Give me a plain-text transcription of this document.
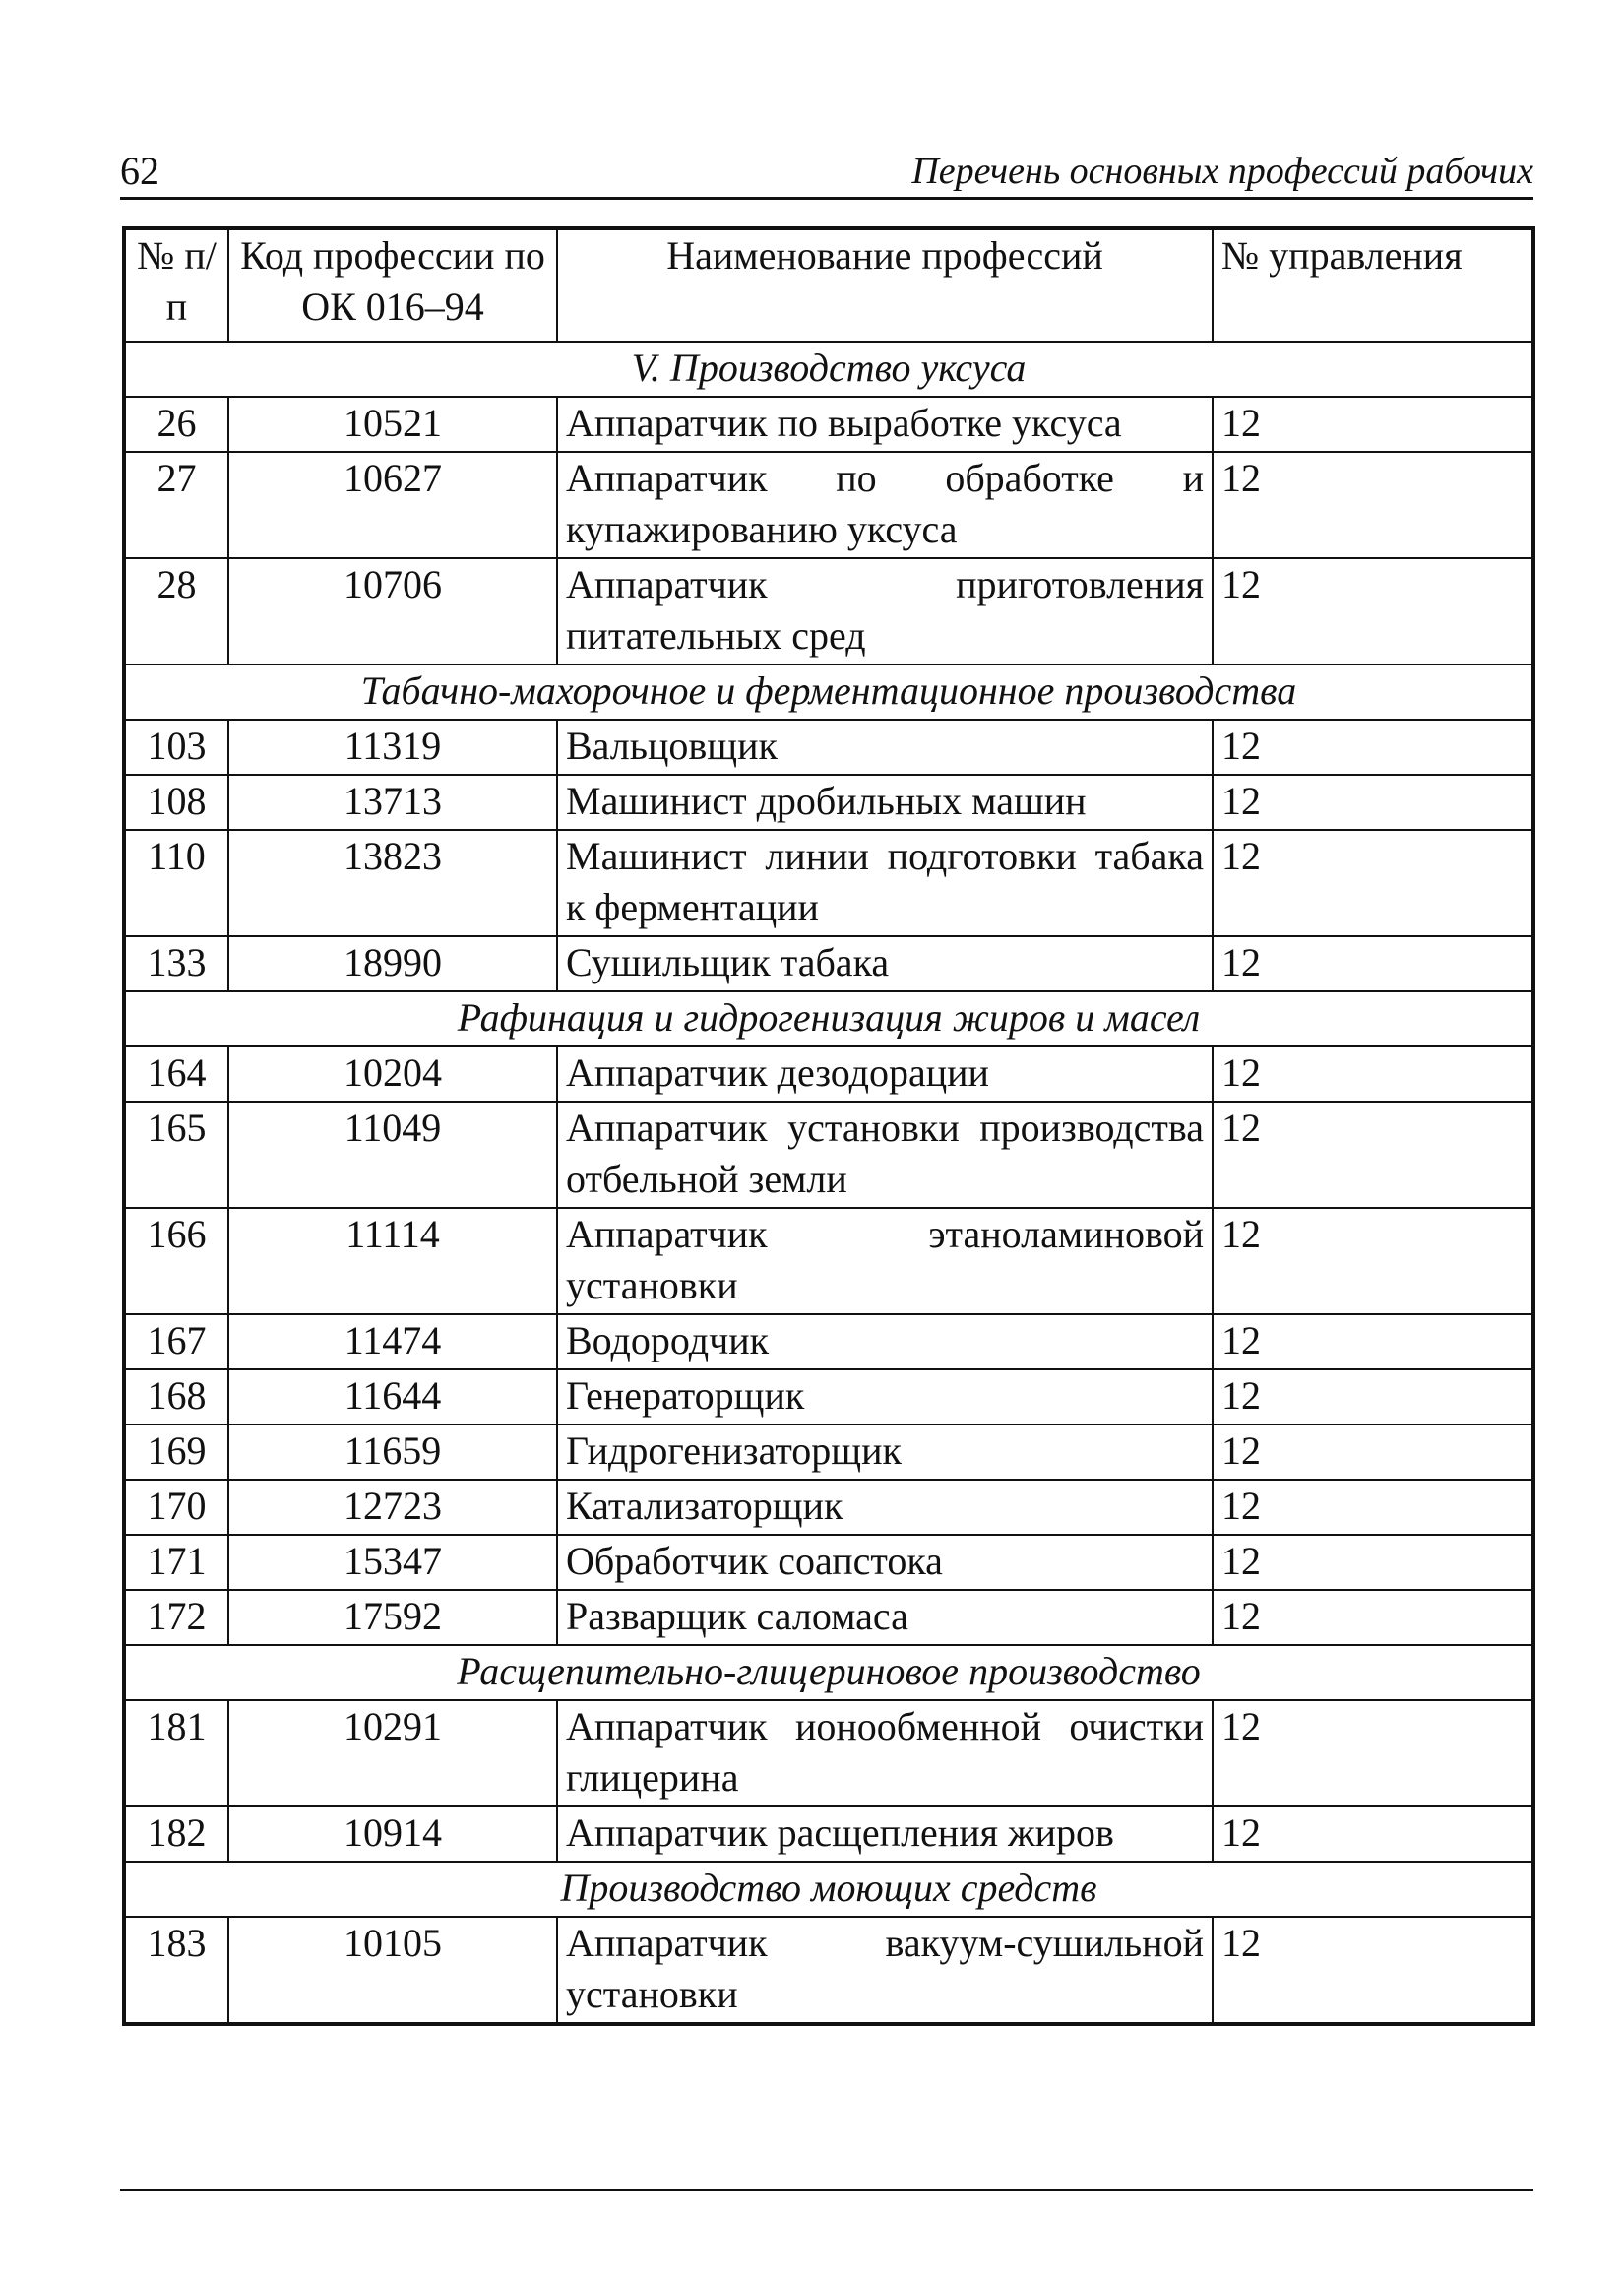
62	Перечень основных профессий рабочих
№ п/п	Код профессии по ОК 016–94	Наименование профессий	№ управления
V. Производство уксуса			
26	10521	Аппаратчик по выработке уксуса	12
27	10627	Аппаратчик по обработке и купажированию уксуса	12
28	10706	Аппаратчик приготовления питательных сред	12
Табачно-махорочное и ферментационное производства			
103	11319	Вальцовщик	12
108	13713	Машинист дробильных машин	12
110	13823	Машинист линии подготовки табака к ферментации	12
133	18990	Сушильщик табака	12
Рафинация и гидрогенизация жиров и масел			
164	10204	Аппаратчик дезодорации	12
165	11049	Аппаратчик установки производства отбельной земли	12
166	11114	Аппаратчик этаноламиновой установки	12
167	11474	Водородчик	12
168	11644	Генераторщик	12
169	11659	Гидрогенизаторщик	12
170	12723	Катализаторщик	12
171	15347	Обработчик соапстока	12
172	17592	Разварщик саломаса	12
Расщепительно-глицериновое производство			
181	10291	Аппаратчик ионообменной очистки глицерина	12
182	10914	Аппаратчик расщепления жиров	12
Производство моющих средств			
183	10105	Аппаратчик вакуум-сушильной установки	12
